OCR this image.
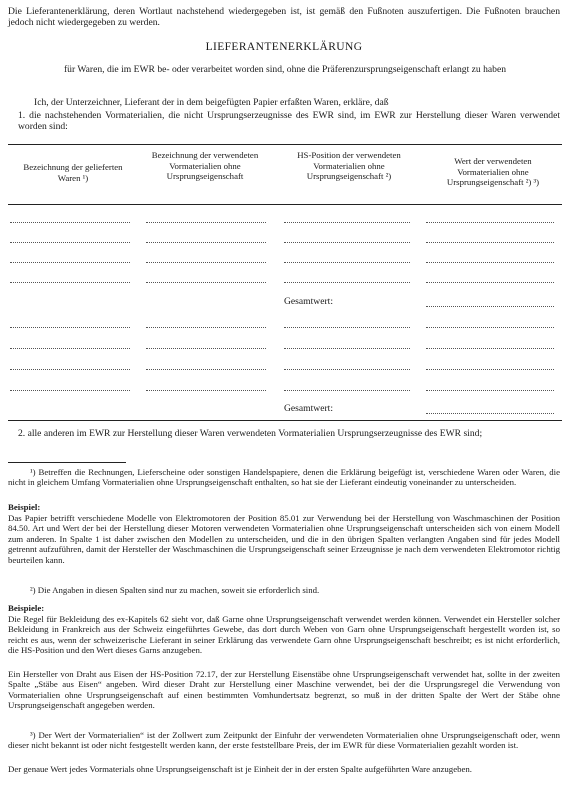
Die Lieferantenerklärung, deren Wortlaut nachstehend wiedergegeben ist, ist gemäß den Fußnoten auszufertigen. Die Fußnoten brauchen jedoch nicht wiedergegeben zu werden.

LIEFERANTENERKLÄRUNG

für Waren, die im EWR be- oder verarbeitet worden sind, ohne die Präferenzursprungseigenschaft erlangt zu haben

Ich, der Unterzeichner, Lieferant der in dem beigefügten Papier erfaßten Waren, erkläre, daß

1. die nachstehenden Vormaterialien, die nicht Ursprungserzeugnisse des EWR sind, im EWR zur Herstellung dieser Waren verwendet worden sind:

Bezeichnung der gelieferten Waren ¹)

Bezeichnung der verwendeten Vormaterialien ohne Ursprungseigenschaft

HS-Position der verwendeten Vormaterialien ohne Ursprungseigenschaft ²)

Wert der verwendeten Vormaterialien ohne Ursprungseigenschaft ²) ³)

Gesamtwert:

Gesamtwert:

2. alle anderen im EWR zur Herstellung dieser Waren verwendeten Vormaterialien Ursprungserzeugnisse des EWR sind;

¹) Betreffen die Rechnungen, Lieferscheine oder sonstigen Handelspapiere, denen die Erklärung beigefügt ist, verschiedene Waren oder Waren, die nicht in gleichem Umfang Vormaterialien ohne Ursprungseigenschaft enthalten, so hat sie der Lieferant eindeutig voneinander zu unterscheiden.

Beispiel:

Das Papier betrifft verschiedene Modelle von Elektromotoren der Position 85.01 zur Verwendung bei der Herstellung von Waschmaschinen der Position 84.50. Art und Wert der bei der Herstellung dieser Motoren verwendeten Vormaterialien ohne Ursprungseigenschaft unterscheiden sich von einem Modell zum anderen. In Spalte 1 ist daher zwischen den Modellen zu unterscheiden, und die in den übrigen Spalten verlangten Angaben sind für jedes Modell getrennt aufzuführen, damit der Hersteller der Waschmaschinen die Ursprungseigenschaft seiner Erzeugnisse je nach dem verwendeten Elektromotor richtig beurteilen kann.

²) Die Angaben in diesen Spalten sind nur zu machen, soweit sie erforderlich sind.

Beispiele:

Die Regel für Bekleidung des ex-Kapitels 62 sieht vor, daß Garne ohne Ursprungseigenschaft verwendet werden können. Verwendet ein Hersteller solcher Bekleidung in Frankreich aus der Schweiz eingeführtes Gewebe, das dort durch Weben von Garn ohne Ursprungseigenschaft hergestellt worden ist, so reicht es aus, wenn der schweizerische Lieferant in seiner Erklärung das verwendete Garn ohne Ursprungseigenschaft beschreibt; es ist nicht erforderlich, die HS-Position und den Wert dieses Garns anzugeben.

Ein Hersteller von Draht aus Eisen der HS-Position 72.17, der zur Herstellung Eisenstäbe ohne Ursprungseigenschaft verwendet hat, sollte in der zweiten Spalte „Stäbe aus Eisen“ angeben. Wird dieser Draht zur Herstellung einer Maschine verwendet, bei der die Ursprungsregel die Verwendung von Vormaterialien ohne Ursprungseigenschaft auf einen bestimmten Vomhundertsatz begrenzt, so muß in der dritten Spalte der Wert der Stäbe ohne Ursprungseigenschaft angegeben werden.

³) Der Wert der Vormaterialien“ ist der Zollwert zum Zeitpunkt der Einfuhr der verwendeten Vormaterialien ohne Ursprungseigenschaft oder, wenn dieser nicht bekannt ist oder nicht festgestellt werden kann, der erste feststellbare Preis, der im EWR für diese Vormaterialien gezahlt worden ist.

Der genaue Wert jedes Vormaterials ohne Ursprungseigenschaft ist je Einheit der in der ersten Spalte aufgeführten Ware anzugeben.
